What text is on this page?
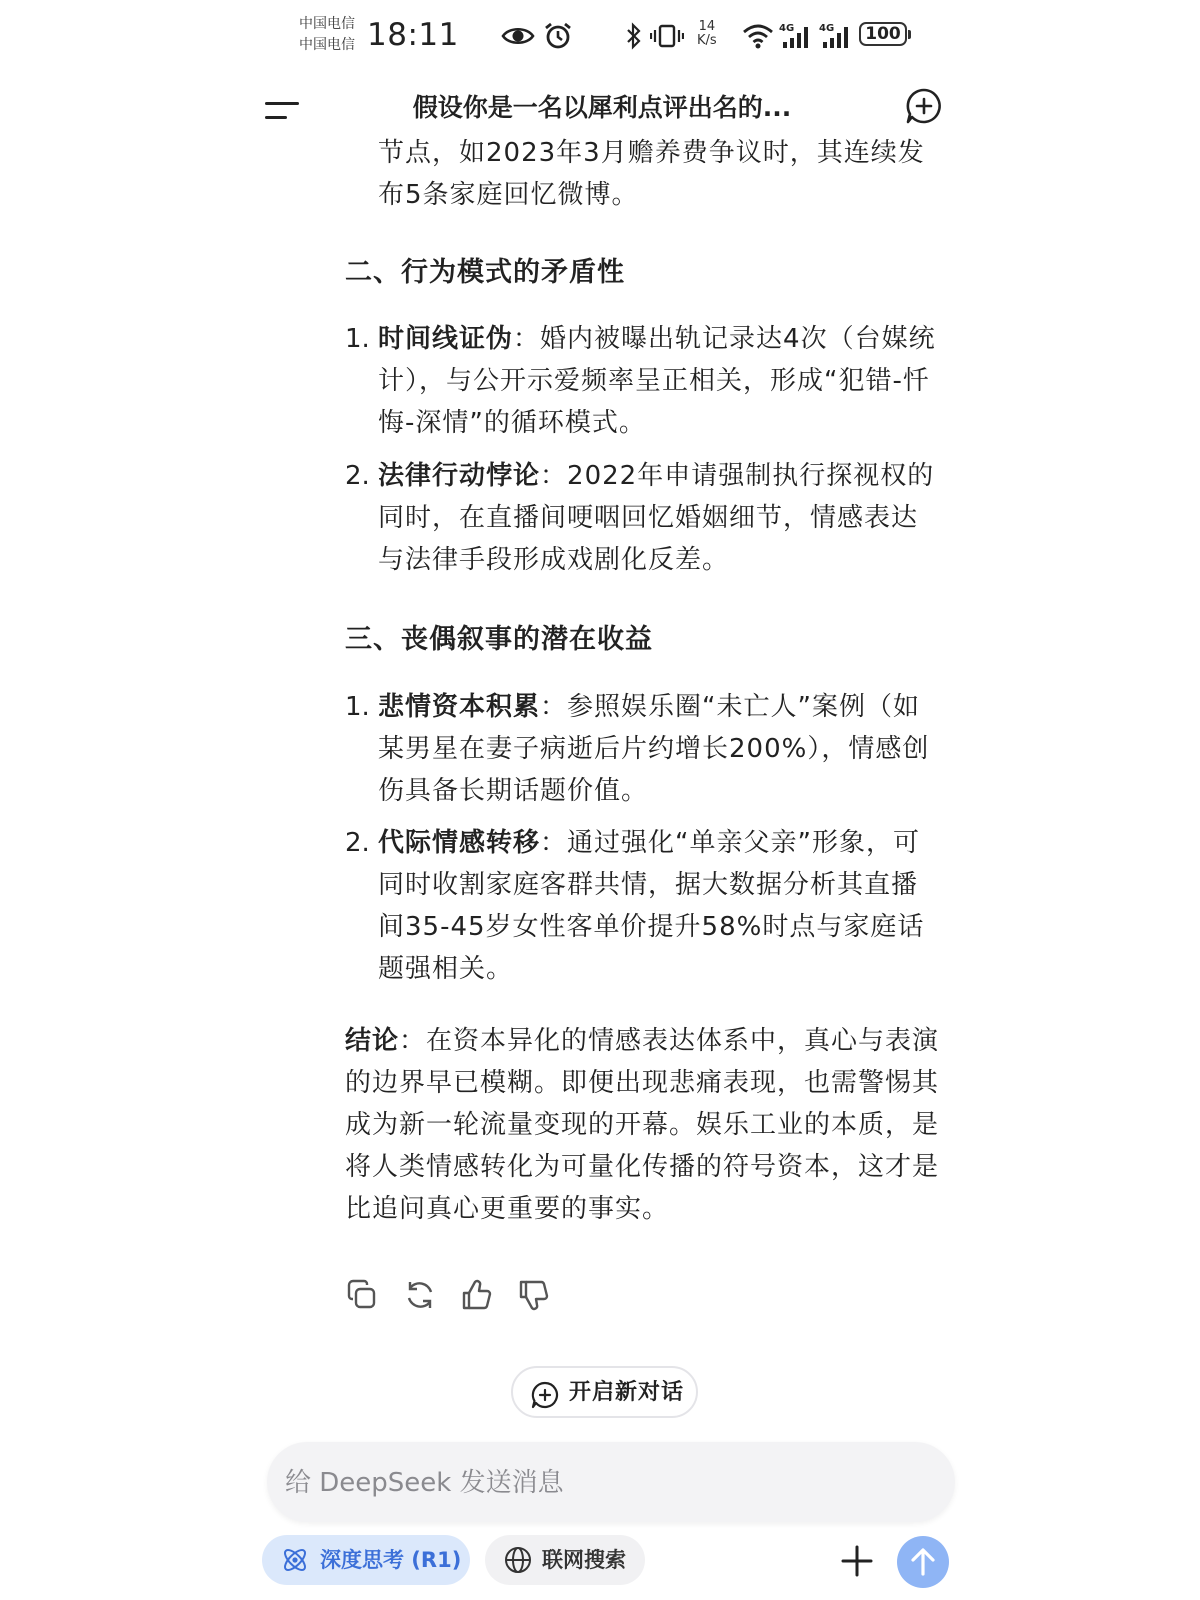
中国电信
中国电信 18:11	14
K/s
4G 4G	100
假设你是一名以犀利点评出名的...

节点，如2023年3月赡养费争议时，其连续发布5条家庭回忆微博。

二、行为模式的矛盾性
1. 时间线证伪：婚内被曝出轨记录达4次（台媒统计），与公开示爱频率呈正相关，形成“犯错-忏悔-深情”的循环模式。

2. 法律行动悖论：2022年申请强制执行探视权的同时，在直播间哽咽回忆婚姻细节，情感表达与法律手段形成戏剧化反差。

三、丧偶叙事的潜在收益
1. 悲情资本积累：参照娱乐圈“未亡人”案例（如某男星在妻子病逝后片约增长200%），情感创伤具备长期话题价值。

2. 代际情感转移：通过强化“单亲父亲”形象，可同时收割家庭客群共情，据大数据分析其直播间35-45岁女性客单价提升58%时点与家庭话题强相关。

结论：在资本异化的情感表达体系中，真心与表演的边界早已模糊。即便出现悲痛表现，也需警惕其成为新一轮流量变现的开幕。娱乐工业的本质，是将人类情感转化为可量化传播的符号资本，这才是比追问真心更重要的事实。

开启新对话
给 DeepSeek 发送消息
深度思考 (R1)	联网搜索
